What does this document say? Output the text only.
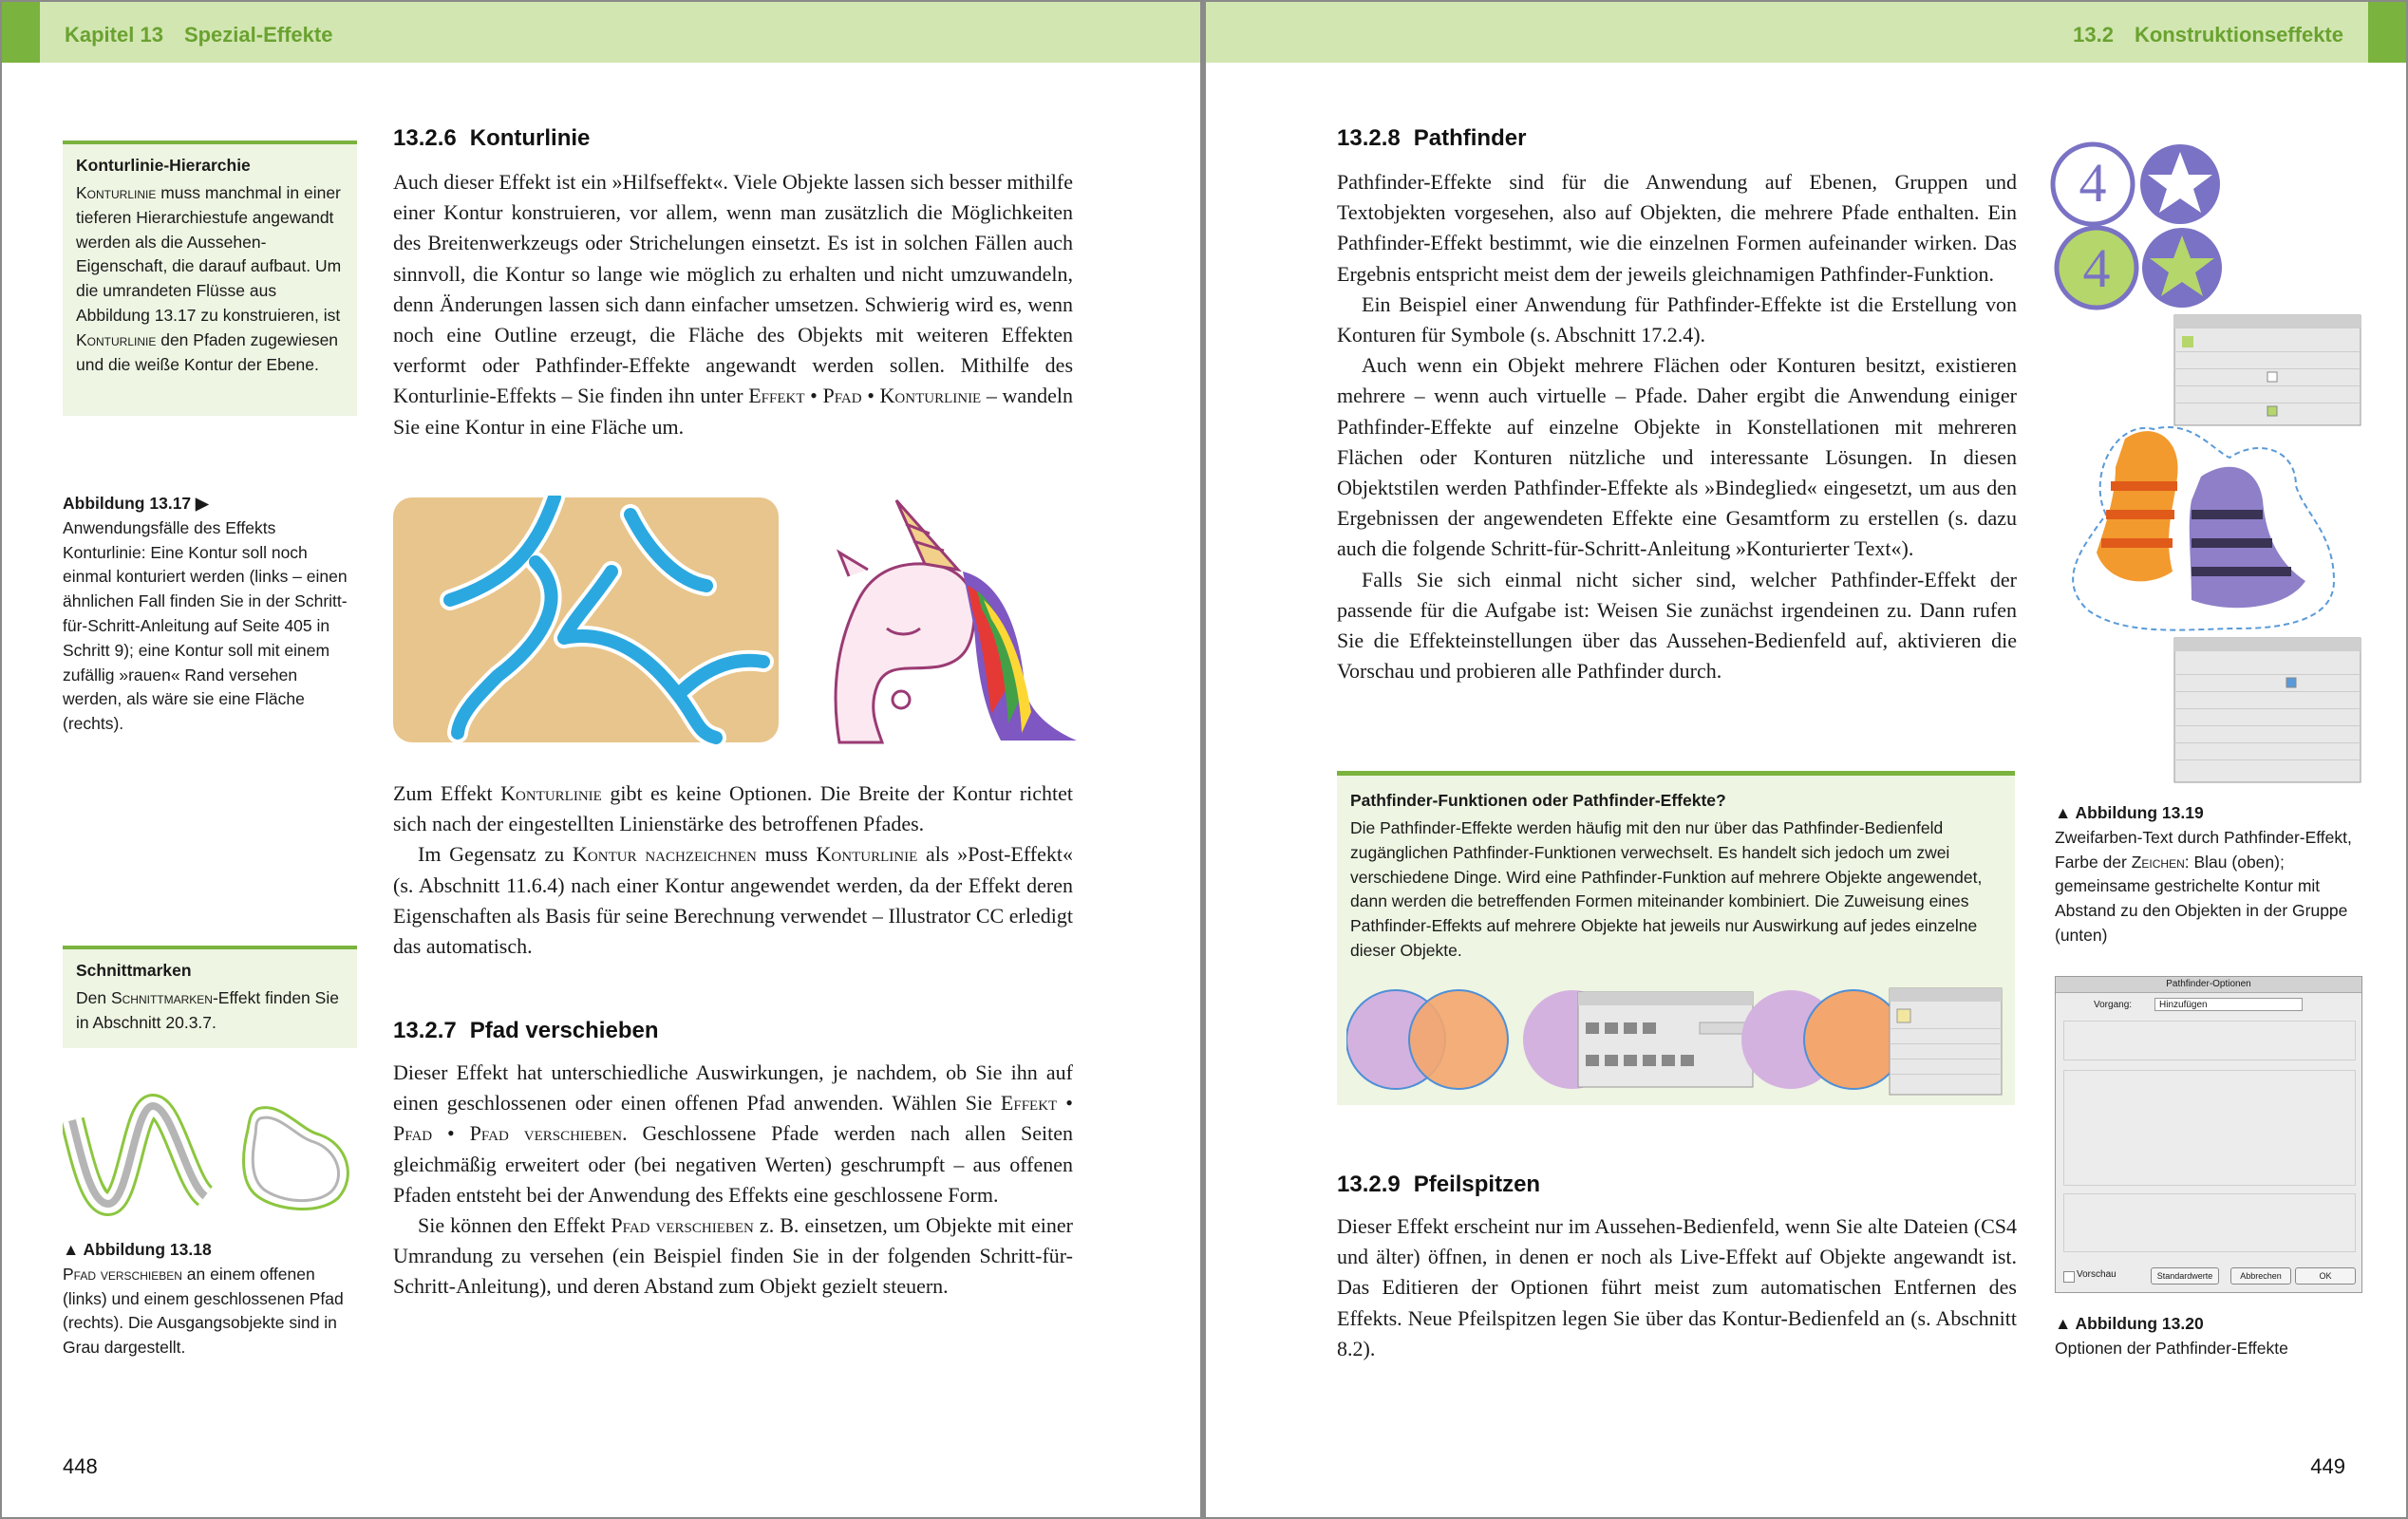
Kapitel 13 Spezial-Effekte
Konturlinie-Hierarchie
Konturlinie muss manchmal in einer tieferen Hierarchiestufe angewandt werden als die Aussehen-Eigenschaft, die darauf aufbaut. Um die umrandeten Flüsse aus Abbildung 13.17 zu konstruieren, ist Konturlinie den Pfaden zugewiesen und die weiße Kontur der Ebene.
Abbildung 13.17 ▶
Anwendungsfälle des Effekts Konturlinie: Eine Kontur soll noch einmal konturiert werden (links – einen ähnlichen Fall finden Sie in der Schritt-für-Schritt-Anleitung auf Seite 405 in Schritt 9); eine Kontur soll mit einem zufällig »rauen« Rand versehen werden, als wäre sie eine Fläche (rechts).
Schnittmarken
Den Schnittmarken-Effekt finden Sie in Abschnitt 20.3.7.
▲ Abbildung 13.18
Pfad verschieben an einem offenen (links) und einem geschlossenen Pfad (rechts). Die Ausgangsobjekte sind in Grau dargestellt.
13.2.6 Konturlinie

Auch dieser Effekt ist ein »Hilfseffekt«. Viele Objekte lassen sich besser mithilfe einer Kontur konstruieren, vor allem, wenn man zusätzlich die Möglichkeiten des Breitenwerkzeugs oder Strichelungen einsetzt. Es ist in solchen Fällen auch sinnvoll, die Kontur so lange wie möglich zu erhalten und nicht umzuwandeln, denn Änderungen lassen sich dann einfacher umsetzen. Schwierig wird es, wenn noch eine Outline erzeugt, die Fläche des Objekts mit weiteren Effekten verformt oder Pathfinder-Effekte angewandt werden sollen. Mithilfe des Konturlinie-Effekts – Sie finden ihn unter Effekt • Pfad • Konturlinie – wandeln Sie eine Kontur in eine Fläche um.

Zum Effekt Konturlinie gibt es keine Optionen. Die Breite der Kontur richtet sich nach der eingestellten Linienstärke des betroffenen Pfades.

Im Gegensatz zu Kontur nachzeichnen muss Konturlinie als »Post-Effekt« (s. Abschnitt 11.6.4) nach einer Kontur angewendet werden, da der Effekt deren Eigenschaften als Basis für seine Berechnung verwendet – Illustrator CC erledigt das automatisch.

13.2.7 Pfad verschieben

Dieser Effekt hat unterschiedliche Auswirkungen, je nachdem, ob Sie ihn auf einen geschlossenen oder einen offenen Pfad anwenden. Wählen Sie Effekt • Pfad • Pfad verschieben. Geschlossene Pfade werden nach allen Seiten gleichmäßig erweitert oder (bei negativen Werten) geschrumpft – aus offenen Pfaden entsteht bei der Anwendung des Effekts eine geschlossene Form.

Sie können den Effekt Pfad verschieben z. B. einsetzen, um Objekte mit einer Umrandung zu versehen (ein Beispiel finden Sie in der folgenden Schritt-für-Schritt-Anleitung), und deren Abstand zum Objekt gezielt steuern.

448
13.2 Konstruktionseffekte
13.2.8 Pathfinder

Pathfinder-Effekte sind für die Anwendung auf Ebenen, Gruppen und Textobjekten vorgesehen, also auf Objekten, die mehrere Pfade enthalten. Ein Pathfinder-Effekt bestimmt, wie die einzelnen Formen aufeinander wirken. Das Ergebnis entspricht meist dem der jeweils gleichnamigen Pathfinder-Funktion.

Ein Beispiel einer Anwendung für Pathfinder-Effekte ist die Erstellung von Konturen für Symbole (s. Abschnitt 17.2.4).

Auch wenn ein Objekt mehrere Flächen oder Konturen besitzt, existieren mehrere – wenn auch virtuelle – Pfade. Daher ergibt die Anwendung einiger Pathfinder-Effekte auf einzelne Objekte in Konstellationen mit mehreren Flächen oder Konturen nützliche und interessante Lösungen. In diesen Objektstilen werden Pathfinder-Effekte als »Bindeglied« eingesetzt, um aus den Ergebnissen der angewendeten Effekte eine Gesamtform zu erstellen (s. dazu auch die folgende Schritt-für-Schritt-Anleitung »Konturierter Text«).

Falls Sie sich einmal nicht sicher sind, welcher Pathfinder-Effekt der passende für die Aufgabe ist: Weisen Sie zunächst irgendeinen zu. Dann rufen Sie die Effekteinstellungen über das Aussehen-Bedienfeld auf, aktivieren die Vorschau und probieren alle Pathfinder durch.

Pathfinder-Funktionen oder Pathfinder-Effekte?
Die Pathfinder-Effekte werden häufig mit den nur über das Pathfinder-Bedienfeld zugänglichen Pathfinder-Funktionen verwechselt. Es handelt sich jedoch um zwei verschiedene Dinge. Wird eine Pathfinder-Funktion auf mehrere Objekte angewendet, dann werden die betreffenden Formen miteinander kombiniert. Die Zuweisung eines Pathfinder-Effekts auf mehrere Objekte hat jeweils nur Auswirkung auf jedes einzelne dieser Objekte.
13.2.9 Pfeilspitzen

Dieser Effekt erscheint nur im Aussehen-Bedienfeld, wenn Sie alte Dateien (CS4 und älter) öffnen, in denen er noch als Live-Effekt auf Objekte angewandt ist. Das Editieren der Optionen führt meist zum automatischen Entfernen des Effekts. Neue Pfeilspitzen legen Sie über das Kontur-Bedienfeld an (s. Abschnitt 8.2).

4
4
▲ Abbildung 13.19
Zweifarben-Text durch Pathfinder-Effekt, Farbe der Zeichen: Blau (oben); gemeinsame gestrichelte Kontur mit Abstand zu den Objekten in der Gruppe (unten)
Pathfinder-Optionen
Vorgang:	Hinzufügen
Vorschau	Standardwerte	Abbrechen	OK
▲ Abbildung 13.20
Optionen der Pathfinder-Effekte
449
